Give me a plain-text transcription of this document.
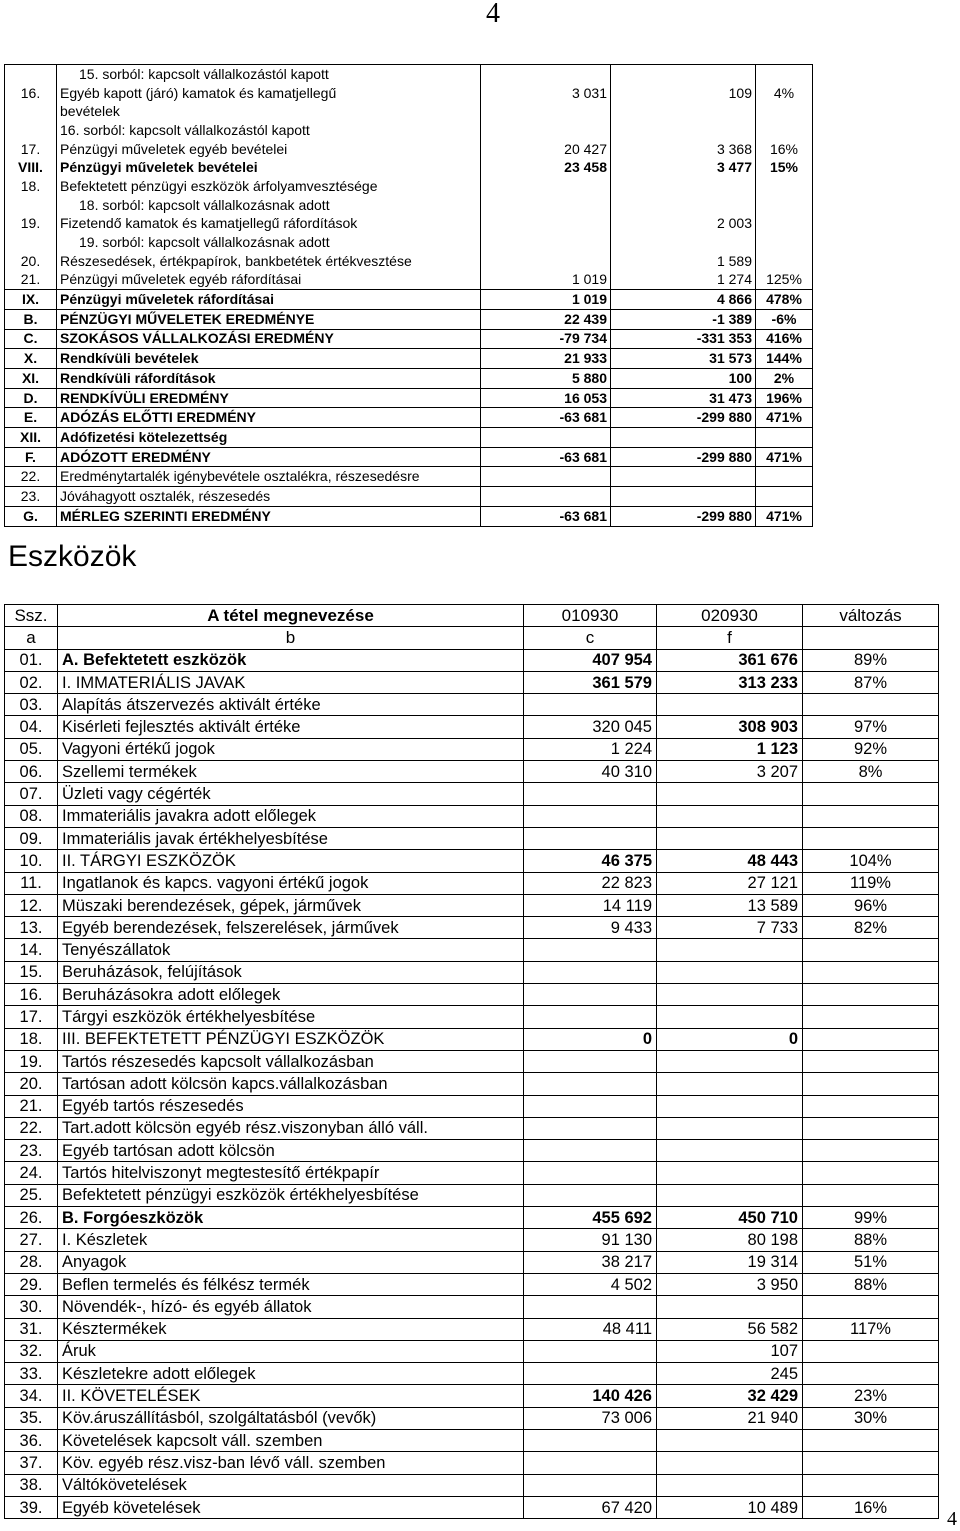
4
	15. sorból: kapcsolt vállalkozástól kapott			
16.	Egyéb kapott (járó) kamatok és kamatjellegű	3 031	109	4%
	bevételek			
	16. sorból: kapcsolt vállalkozástól kapott			
17.	Pénzügyi műveletek egyéb bevételei	20 427	3 368	16%
VIII.	Pénzügyi műveletek bevételei	23 458	3 477	15%
18.	Befektetett pénzügyi eszközök árfolyamvesztésége			
	18. sorból: kapcsolt vállalkozásnak adott			
19.	Fizetendő kamatok és kamatjellegű ráfordítások		2 003	
	19. sorból: kapcsolt vállalkozásnak adott			
20.	Részesedések, értékpapírok, bankbetétek értékvesztése		1 589	
21.	Pénzügyi műveletek egyéb ráfordításai	1 019	1 274	125%
IX.	Pénzügyi műveletek ráfordításai	1 019	4 866	478%
B.	PÉNZÜGYI MŰVELETEK EREDMÉNYE	22 439	-1 389	-6%
C.	SZOKÁSOS VÁLLALKOZÁSI EREDMÉNY	-79 734	-331 353	416%
X.	Rendkívüli bevételek	21 933	31 573	144%
XI.	Rendkívüli ráfordítások	5 880	100	2%
D.	RENDKÍVÜLI EREDMÉNY	16 053	31 473	196%
E.	ADÓZÁS ELŐTTI EREDMÉNY	-63 681	-299 880	471%
XII.	Adófizetési kötelezettség			
F.	ADÓZOTT EREDMÉNY	-63 681	-299 880	471%
22.	Eredménytartalék igénybevétele osztalékra, részesedésre			
23.	Jóváhagyott osztalék, részesedés			
G.	MÉRLEG SZERINTI EREDMÉNY	-63 681	-299 880	471%
Eszközök
Ssz.	A tétel megnevezése	010930	020930	változás
a	b	c	f	
01.	A. Befektetett eszközök	407 954	361 676	89%
02.	I. IMMATERIÁLIS JAVAK	361 579	313 233	87%
03.	Alapítás átszervezés aktivált értéke			
04.	Kisérleti fejlesztés aktivált értéke	320 045	308 903	97%
05.	Vagyoni értékű jogok	1 224	1 123	92%
06.	Szellemi termékek	40 310	3 207	8%
07.	Üzleti vagy cégérték			
08.	Immateriális javakra adott előlegek			
09.	Immateriális javak értékhelyesbítése			
10.	II. TÁRGYI ESZKÖZÖK	46 375	48 443	104%
11.	Ingatlanok és kapcs. vagyoni értékű jogok	22 823	27 121	119%
12.	Müszaki berendezések, gépek, járművek	14 119	13 589	96%
13.	Egyéb berendezések, felszerelések, járművek	9 433	7 733	82%
14.	Tenyészállatok			
15.	Beruházások, felújítások			
16.	Beruházásokra adott előlegek			
17.	Tárgyi eszközök értékhelyesbítése			
18.	III. BEFEKTETETT PÉNZÜGYI ESZKÖZÖK	0	0	
19.	Tartós részesedés kapcsolt vállalkozásban			
20.	Tartósan adott kölcsön kapcs.vállalkozásban			
21.	Egyéb tartós részesedés			
22.	Tart.adott kölcsön egyéb rész.viszonyban álló váll.			
23.	Egyéb tartósan adott kölcsön			
24.	Tartós hitelviszonyt megtestesítő értékpapír			
25.	Befektetett pénzügyi eszközök értékhelyesbítése			
26.	B. Forgóeszközök	455 692	450 710	99%
27.	I. Készletek	91 130	80 198	88%
28.	Anyagok	38 217	19 314	51%
29.	Beflen termelés és félkész termék	4 502	3 950	88%
30.	Növendék-, hízó- és egyéb állatok			
31.	Késztermékek	48 411	56 582	117%
32.	Áruk		107	
33.	Készletekre adott előlegek		245	
34.	II. KÖVETELÉSEK	140 426	32 429	23%
35.	Köv.áruszállításból, szolgáltatásból (vevők)	73 006	21 940	30%
36.	Követelések kapcsolt váll. szemben			
37.	Köv. egyéb rész.visz-ban lévő váll. szemben			
38.	Váltókövetelések			
39.	Egyéb követelések	67 420	10 489	16%
4
